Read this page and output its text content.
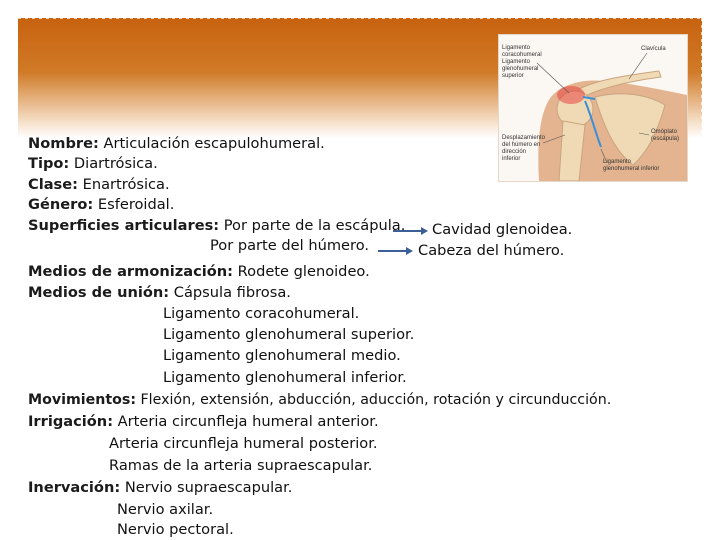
Ligamento coracohumeral
Ligamento glenohumeral superior
Clavícula
Omóplato (escápula)
Desplazamiento del húmero en dirección inferior	Ligamento glenohumeral inferior
Nombre: Articulación escapulohumeral.
Tipo: Diartrósica.
Clase: Enartrósica.
Género: Esferoidal.
Superficies articulares: Por parte de la escápula. Cavidad glenoidea.
Por parte del húmero.	Cabeza del húmero.
Medios de armonización: Rodete glenoideo.
Medios de unión: Cápsula fibrosa.
Ligamento coracohumeral.
Ligamento glenohumeral superior.
Ligamento glenohumeral medio.
Ligamento glenohumeral inferior.
Movimientos: Flexión, extensión, abducción, aducción, rotación y circunducción.
Irrigación: Arteria circunfleja humeral anterior.
Arteria circunfleja humeral posterior.
Ramas de la arteria supraescapular.
Inervación: Nervio supraescapular.
Nervio axilar.
Nervio pectoral.
